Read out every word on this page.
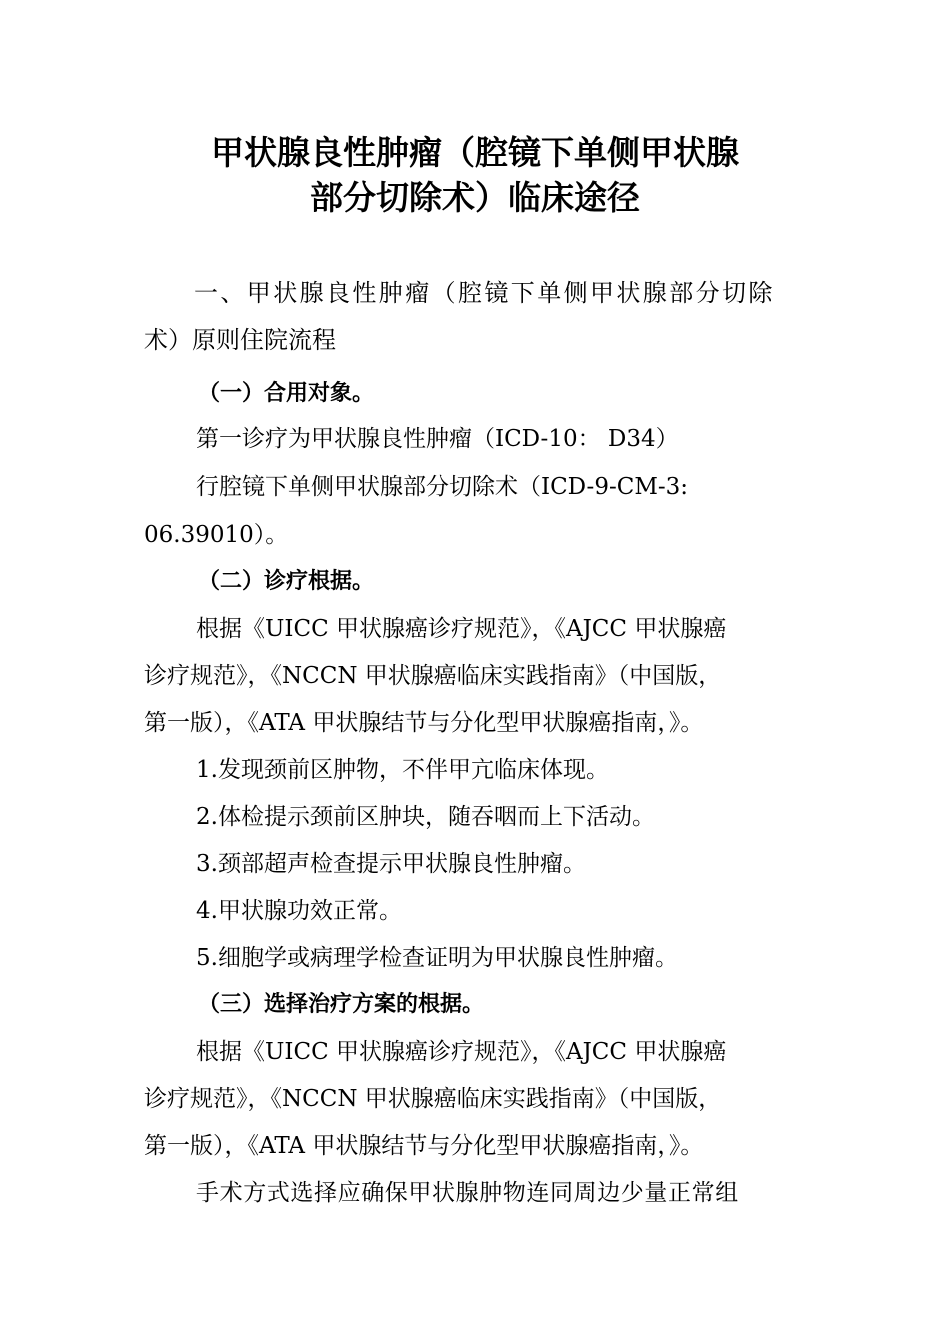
甲状腺良性肿瘤（腔镜下单侧甲状腺
部分切除术）临床途径
一、甲状腺良性肿瘤（腔镜下单侧甲状腺部分切除
术）原则住院流程
（一）合用对象。
第一诊疗为甲状腺良性肿瘤（ICD-10： D34）
行腔镜下单侧甲状腺部分切除术（ICD-9-CM-3:
06.39010）。
（二）诊疗根据。
根据《UICC 甲状腺癌诊疗规范》，《AJCC 甲状腺癌
诊疗规范》，《NCCN 甲状腺癌临床实践指南》（中国版，
第一版），《ATA 甲状腺结节与分化型甲状腺癌指南，》。
1.发现颈前区肿物，不伴甲亢临床体现。
2.体检提示颈前区肿块，随吞咽而上下活动。
3.颈部超声检查提示甲状腺良性肿瘤。
4.甲状腺功效正常。
5.细胞学或病理学检查证明为甲状腺良性肿瘤。
（三）选择治疗方案的根据。
根据《UICC 甲状腺癌诊疗规范》，《AJCC 甲状腺癌
诊疗规范》，《NCCN 甲状腺癌临床实践指南》（中国版，
第一版），《ATA 甲状腺结节与分化型甲状腺癌指南，》。
手术方式选择应确保甲状腺肿物连同周边少量正常组
